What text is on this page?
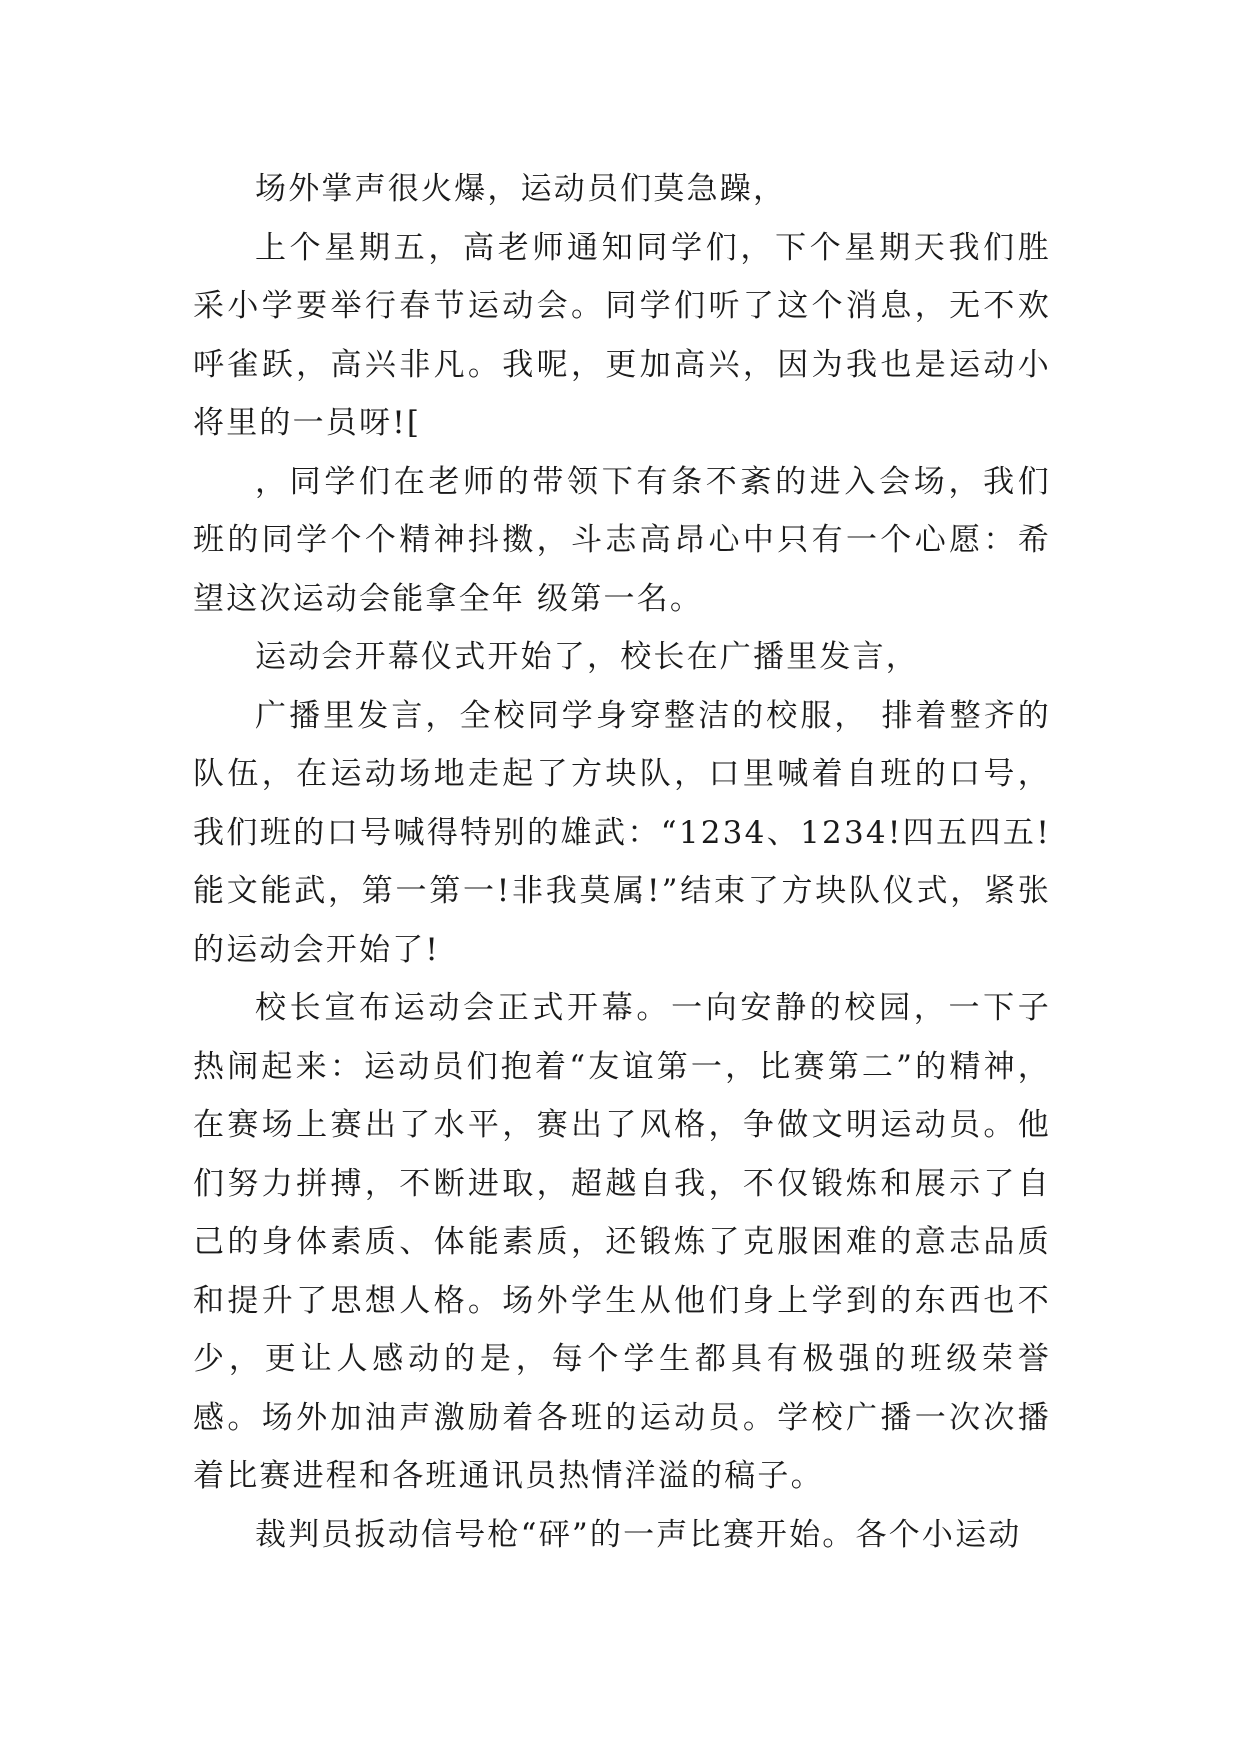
场外掌声很火爆，运动员们莫急躁，

上个星期五，高老师通知同学们，下个星期天我们胜采小学要举行春节运动会。同学们听了这个消息，无不欢呼雀跃，高兴非凡。我呢，更加高兴，因为我也是运动小将里的一员呀![

，同学们在老师的带领下有条不紊的进入会场，我们班的同学个个精神抖擞，斗志高昂心中只有一个心愿：希望这次运动会能拿全年 级第一名。

运动会开幕仪式开始了，校长在广播里发言，

广播里发言，全校同学身穿整洁的校服， 排着整齐的队伍，在运动场地走起了方块队，口里喊着自班的口号，我们班的口号喊得特别的雄武：“1234、1234!四五四五!能文能武，第一第一!非我莫属!”结束了方块队仪式，紧张的运动会开始了!

校长宣布运动会正式开幕。一向安静的校园，一下子热闹起来：运动员们抱着“友谊第一，比赛第二”的精神，在赛场上赛出了水平，赛出了风格，争做文明运动员。他们努力拼搏，不断进取，超越自我，不仅锻炼和展示了自己的身体素质、体能素质，还锻炼了克服困难的意志品质和提升了思想人格。场外学生从他们身上学到的东西也不少，更让人感动的是，每个学生都具有极强的班级荣誉感。场外加油声激励着各班的运动员。学校广播一次次播着比赛进程和各班通讯员热情洋溢的稿子。

裁判员扳动信号枪“砰”的一声比赛开始。各个小运动
